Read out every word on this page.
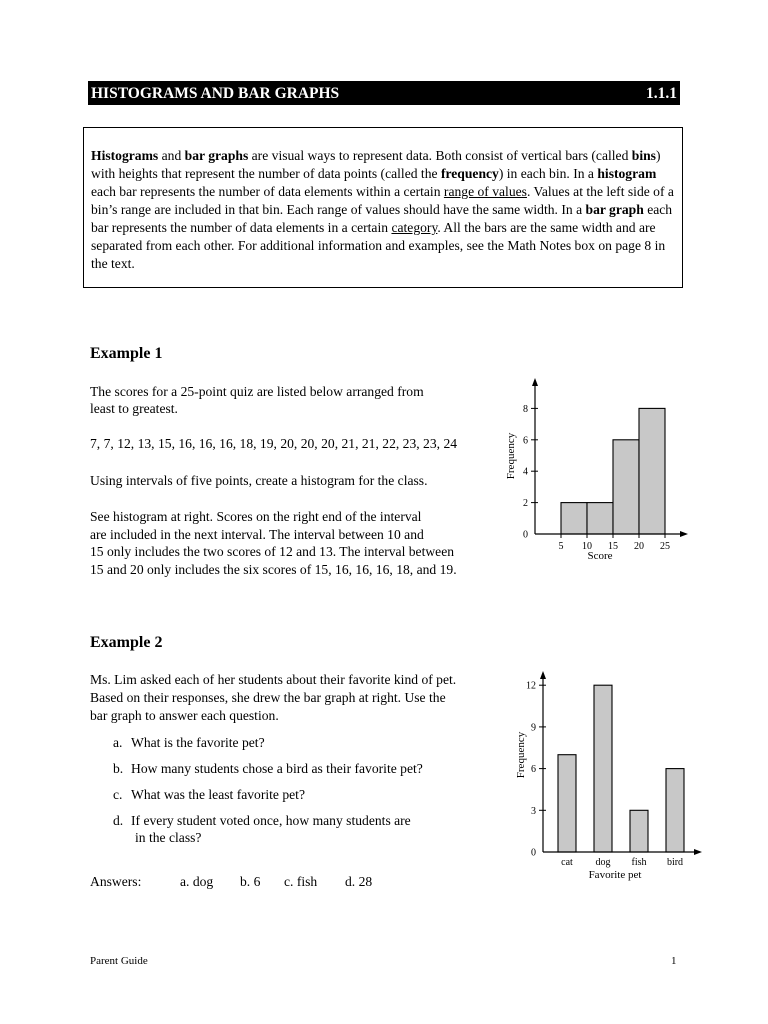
HISTOGRAMS AND BAR GRAPHS	1.1.1
Histograms and bar graphs are visual ways to represent data. Both consist of vertical bars (called bins) with heights that represent the number of data points (called the frequency) in each bin. In a histogram each bar represents the number of data elements within a certain range of values. Values at the left side of a bin’s range are included in that bin. Each range of values should have the same width. In a bar graph each bar represents the number of data elements in a certain category. All the bars are the same width and are separated from each other. For additional information and examples, see the Math Notes box on page 8 in the text.
Example 1
The scores for a 25-point quiz are listed below arranged from
least to greatest.
7, 7, 12, 13, 15, 16, 16, 16, 18, 19, 20, 20, 20, 21, 21, 22, 23, 23, 24
Using intervals of five points, create a histogram for the class.
See histogram at right. Scores on the right end of the interval
are included in the next interval. The interval between 10 and
15 only includes the two scores of 12 and 13. The interval between
15 and 20 only includes the six scores of 15, 16, 16, 16, 18, and 19.
0
2
4
6
8
5 10 15 20 25
Score
Frequency
Example 2
Ms. Lim asked each of her students about their favorite kind of pet.
Based on their responses, she drew the bar graph at right. Use the
bar graph to answer each question.
a. What is the favorite pet?
b. How many students chose a bird as their favorite pet?
c. What was the least favorite pet?
d. If every student voted once, how many students are
in the class?
Answers:	a. dog b. 6 c. fish d. 28
cat dog fish bird
0
3
6
9
12
Favorite pet
Frequency
Parent Guide	1
